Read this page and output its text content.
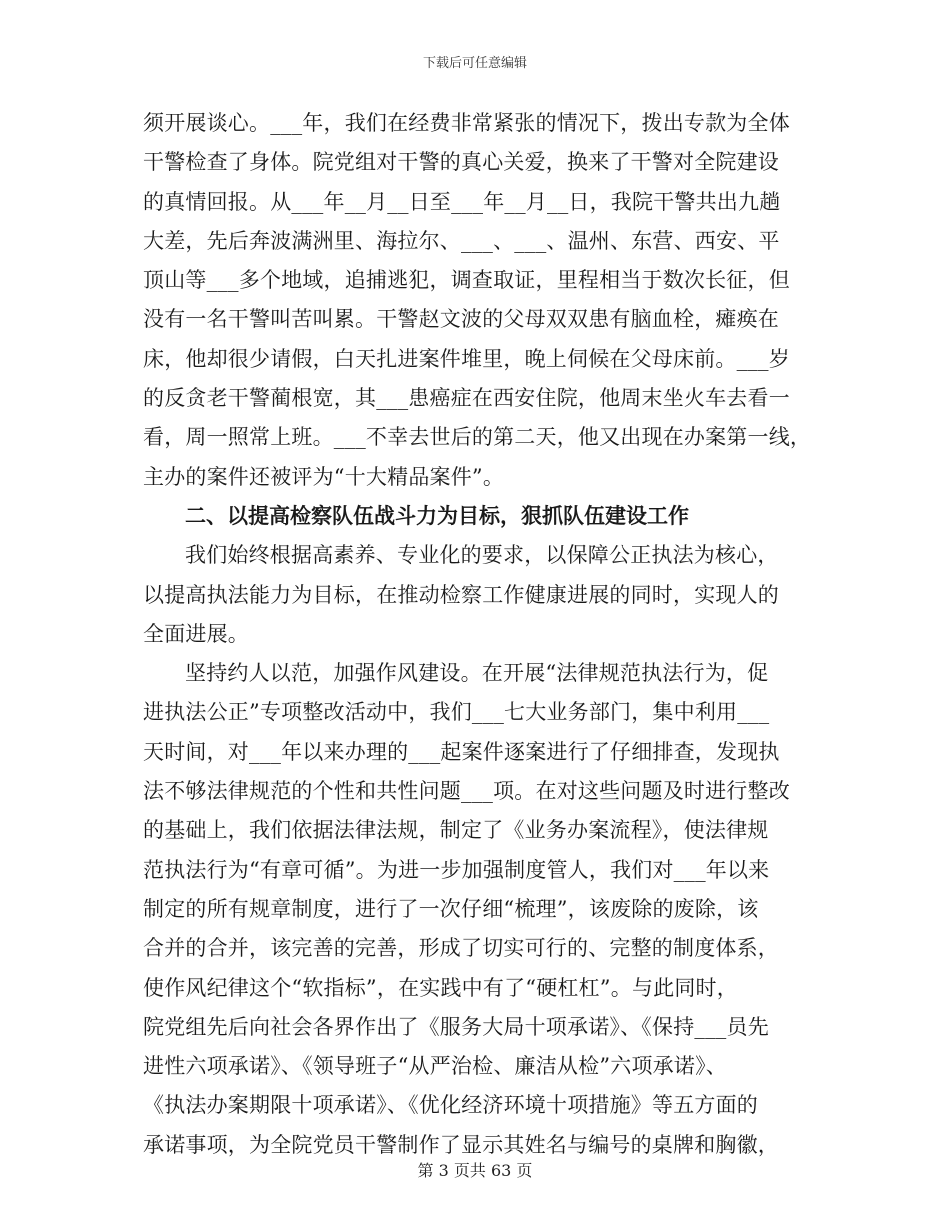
下载后可任意编辑

须开展谈心。___年，我们在经费非常紧张的情况下，拨出专款为全体
干警检查了身体。院党组对干警的真心关爱，换来了干警对全院建设
的真情回报。从___年__月__日至___年__月__日，我院干警共出九趟
大差，先后奔波满洲里、海拉尔、___、___、温州、东营、西安、平
顶山等___多个地域，追捕逃犯，调查取证，里程相当于数次长征，但
没有一名干警叫苦叫累。干警赵文波的父母双双患有脑血栓，瘫痪在
床，他却很少请假，白天扎进案件堆里，晚上伺候在父母床前。___岁
的反贪老干警蔺根宽，其___患癌症在西安住院，他周末坐火车去看一
看，周一照常上班。___不幸去世后的第二天，他又出现在办案第一线，
主办的案件还被评为“十大精品案件”。

二、以提高检察队伍战斗力为目标，狠抓队伍建设工作

我们始终根据高素养、专业化的要求，以保障公正执法为核心，
以提高执法能力为目标，在推动检察工作健康进展的同时，实现人的
全面进展。

坚持约人以范，加强作风建设。在开展“法律规范执法行为，促
进执法公正”专项整改活动中，我们___七大业务部门，集中利用___
天时间，对___年以来办理的___起案件逐案进行了仔细排查，发现执
法不够法律规范的个性和共性问题___项。在对这些问题及时进行整改
的基础上，我们依据法律法规，制定了《业务办案流程》，使法律规
范执法行为“有章可循”。为进一步加强制度管人，我们对___年以来
制定的所有规章制度，进行了一次仔细“梳理”，该废除的废除，该
合并的合并，该完善的完善，形成了切实可行的、完整的制度体系，
使作风纪律这个“软指标”，在实践中有了“硬杠杠”。与此同时，
院党组先后向社会各界作出了《服务大局十项承诺》、《保持___员先
进性六项承诺》、《领导班子“从严治检、廉洁从检”六项承诺》、
《执法办案期限十项承诺》、《优化经济环境十项措施》等五方面的
承诺事项，为全院党员干警制作了显示其姓名与编号的桌牌和胸徽，

第 3 页共 63 页
